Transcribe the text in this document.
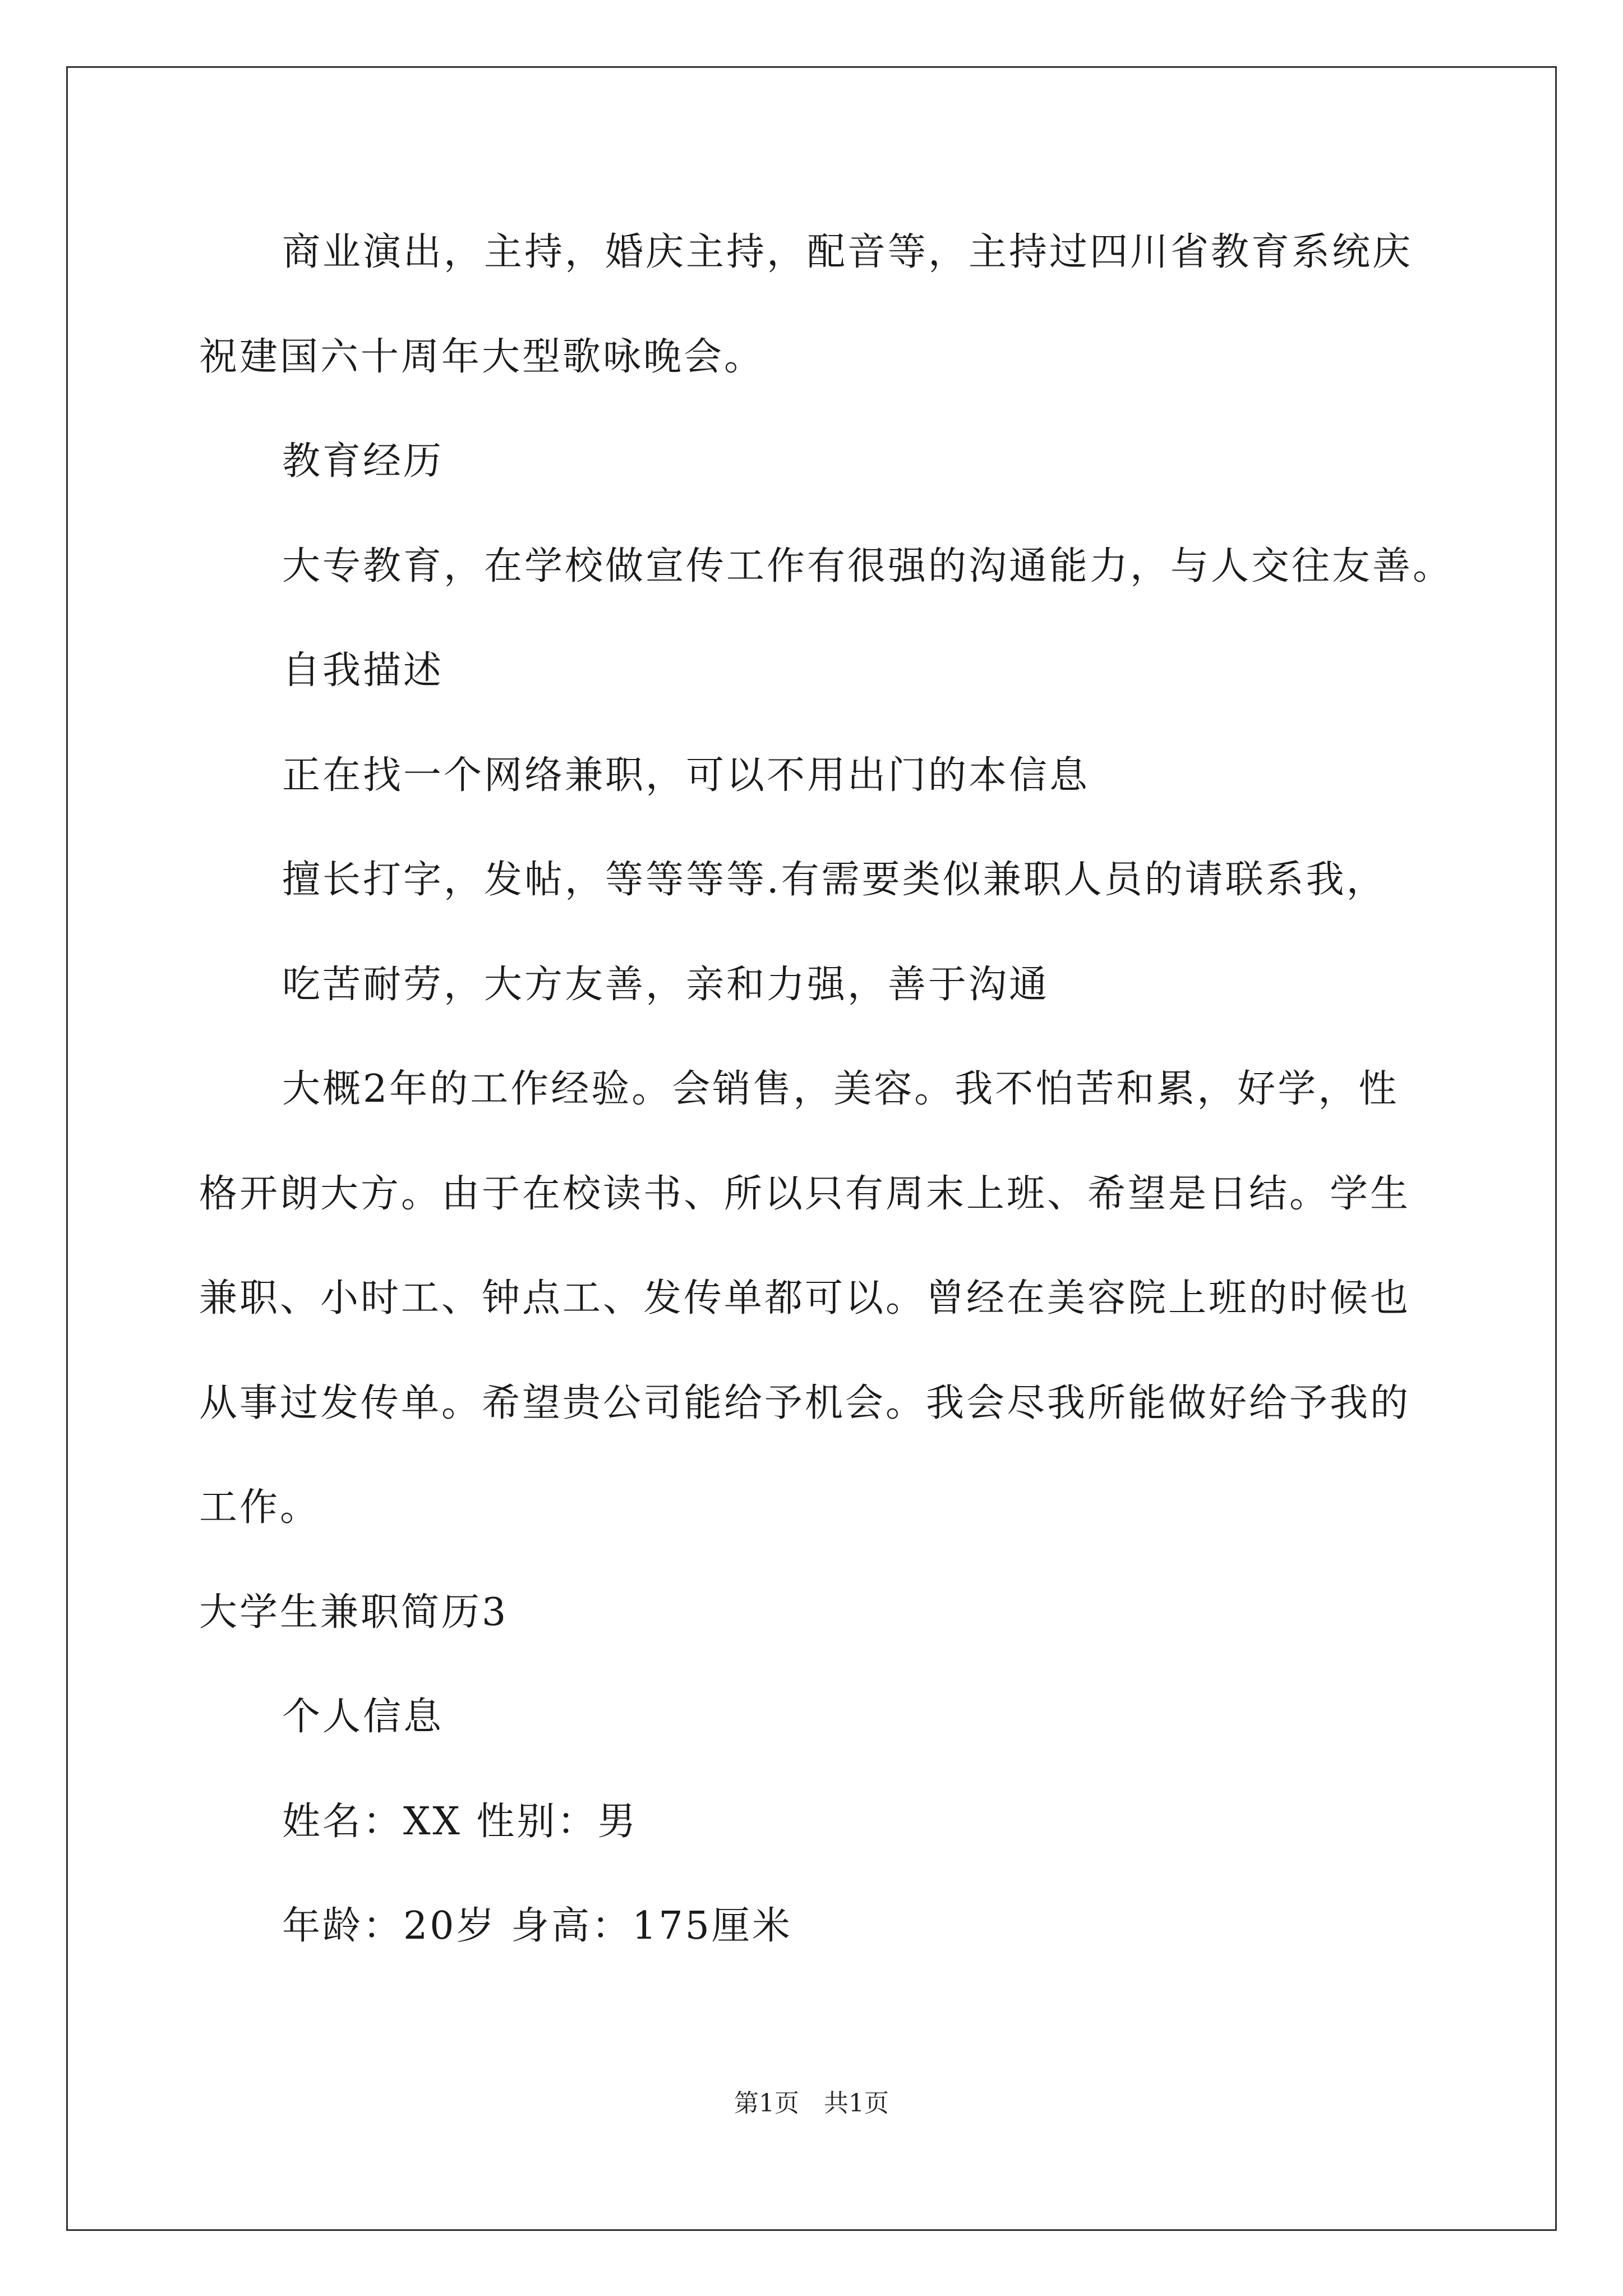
商业演出，主持，婚庆主持，配音等，主持过四川省教育系统庆
祝建国六十周年大型歌咏晚会。
教育经历
大专教育，在学校做宣传工作有很强的沟通能力，与人交往友善。
自我描述
正在找一个网络兼职，可以不用出门的本信息
擅长打字，发帖，等等等等.有需要类似兼职人员的请联系我，
吃苦耐劳，大方友善，亲和力强，善于沟通
大概2年的工作经验。会销售，美容。我不怕苦和累，好学，性
格开朗大方。由于在校读书、所以只有周末上班、希望是日结。学生
兼职、小时工、钟点工、发传单都可以。曾经在美容院上班的时候也
从事过发传单。希望贵公司能给予机会。我会尽我所能做好给予我的
工作。
大学生兼职简历3
个人信息
姓名：XX 性别：男
年龄：20岁 身高：175厘米
第1页 共1页
